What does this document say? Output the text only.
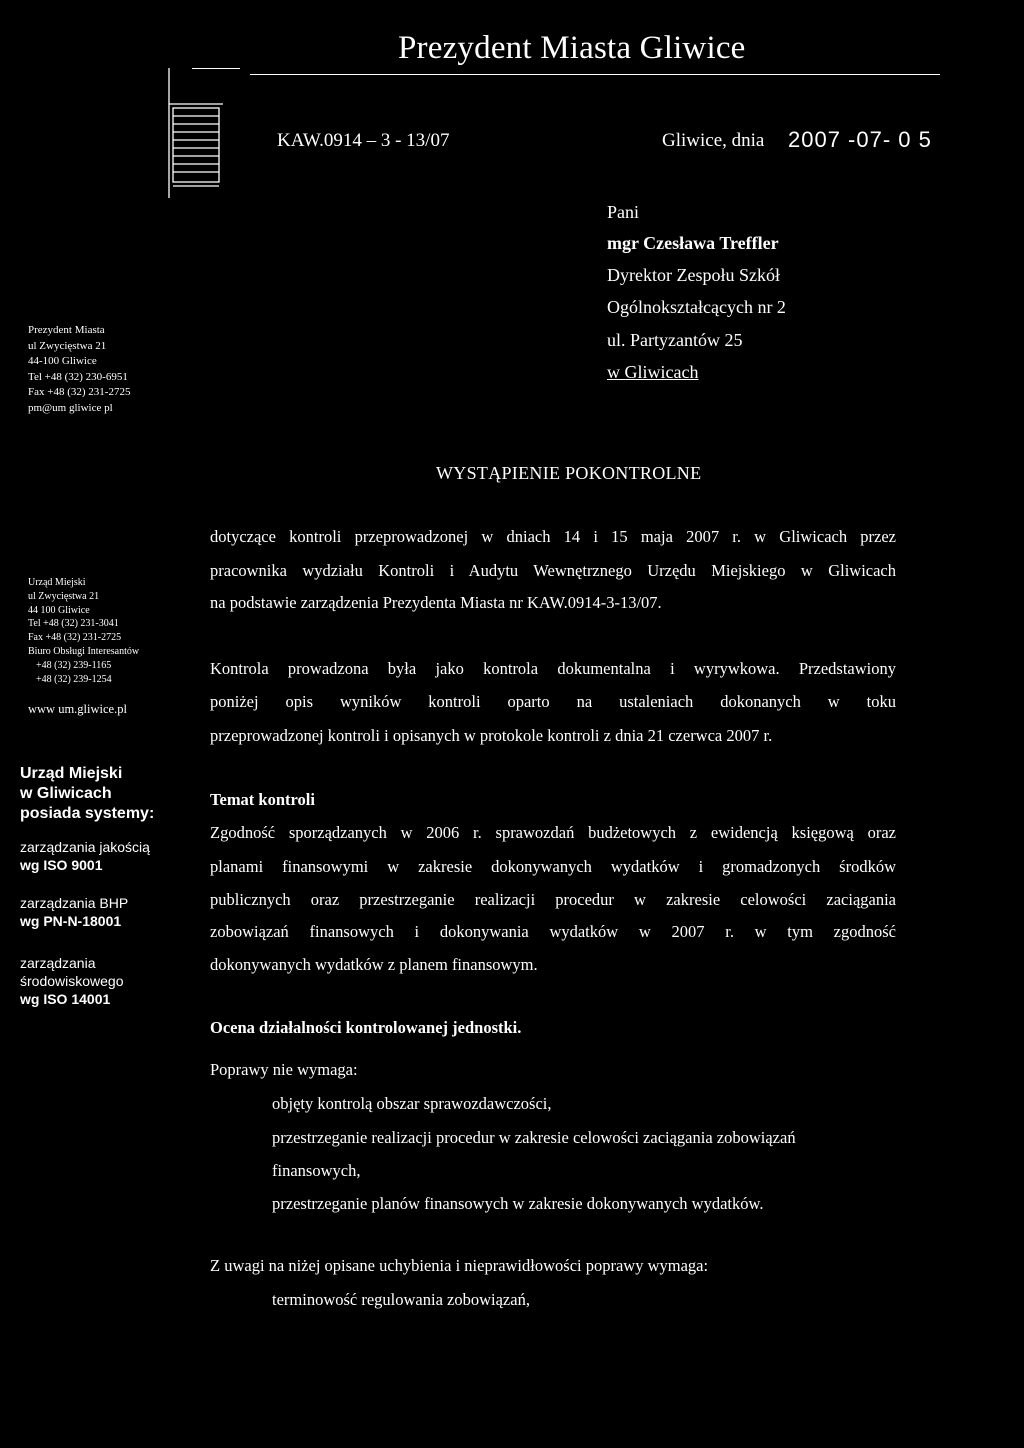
Prezydent Miasta Gliwice
KAW.0914 – 3 - 13/07	Gliwice, dnia 2007 -07- 0 5
Pani
mgr Czesława Treffler
Dyrektor Zespołu Szkół
Ogólnokształcących nr 2
ul. Partyzantów 25
w Gliwicach
Prezydent Miasta
ul Zwycięstwa 21
44-100 Gliwice
Tel +48 (32) 230-6951
Fax +48 (32) 231-2725
pm@um gliwice pl
Urząd Miejski
ul Zwycięstwa 21
44 100 Gliwice
Tel +48 (32) 231-3041
Fax +48 (32) 231-2725
Biuro Obsługi Interesantów
+48 (32) 239-1165
+48 (32) 239-1254
www um.gliwice.pl
Urząd Miejski
w Gliwicach
posiada systemy:
zarządzania jakością
wg ISO 9001
zarządzania BHP
wg PN-N-18001
zarządzania
środowiskowego
wg ISO 14001
WYSTĄPIENIE POKONTROLNE
dotyczące kontroli przeprowadzonej w dniach 14 i 15 maja 2007 r. w Gliwicach przez
pracownika wydziału Kontroli i Audytu Wewnętrznego Urzędu Miejskiego w Gliwicach
na podstawie zarządzenia Prezydenta Miasta nr KAW.0914-3-13/07.
Kontrola prowadzona była jako kontrola dokumentalna i wyrywkowa. Przedstawiony
poniżej opis wyników kontroli oparto na ustaleniach dokonanych w toku
przeprowadzonej kontroli i opisanych w protokole kontroli z dnia 21 czerwca 2007 r.
Temat kontroli
Zgodność sporządzanych w 2006 r. sprawozdań budżetowych z ewidencją księgową oraz
planami finansowymi w zakresie dokonywanych wydatków i gromadzonych środków
publicznych oraz przestrzeganie realizacji procedur w zakresie celowości zaciągania
zobowiązań finansowych i dokonywania wydatków w 2007 r. w tym zgodność
dokonywanych wydatków z planem finansowym.
Ocena działalności kontrolowanej jednostki.
Poprawy nie wymaga:
objęty kontrolą obszar sprawozdawczości,
przestrzeganie realizacji procedur w zakresie celowości zaciągania zobowiązań
finansowych,
przestrzeganie planów finansowych w zakresie dokonywanych wydatków.
Z uwagi na niżej opisane uchybienia i nieprawidłowości poprawy wymaga:
terminowość regulowania zobowiązań,
